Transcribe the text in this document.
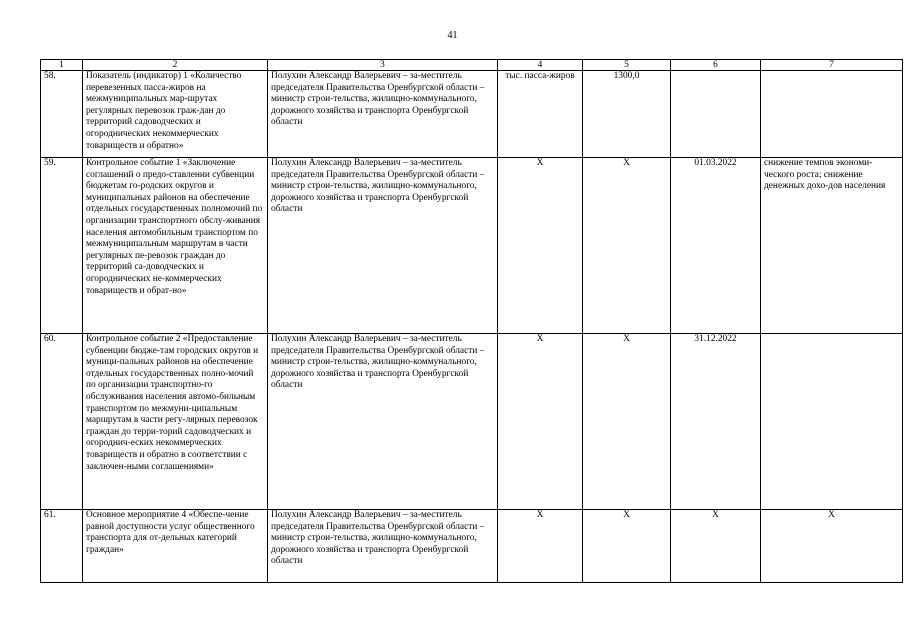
41
1	2	3	4	5	6	7
58.	Показатель (индикатор) 1 «Количество перевезенных пасса-жиров на межмуниципальных мар-шрутах регулярных перевозок граж-дан до территорий садоводческих и огороднических некоммерческих товариществ и обратно»	Полухин Александр Валерьевич – за-меститель председателя Правительства Оренбургской области – министр строи-тельства, жилищно-коммунального, дорожного хозяйства и транспорта Оренбургской области	тыс. пасса-жиров	1300,0		
59.	Контрольное событие 1 «Заключение соглашений о предо-ставлении субвенции бюджетам го-родских округов и муниципальных районов на обеспечение отдельных государственных полномочий по организации транспортного обслу-живания населения автомобильным транспортом по межмуниципальным маршрутам в части регулярных пе-ревозок граждан до территорий са-доводческих и огороднических не-коммерческих товариществ и обрат-но»	Полухин Александр Валерьевич – за-меститель председателя Правительства Оренбургской области – министр строи-тельства, жилищно-коммунального, дорожного хозяйства и транспорта Оренбургской области	Х	Х	01.03.2022	снижение темпов экономи-ческого роста; снижение денежных дохо-дов населения
60.	Контрольное событие 2 «Предоставление субвенции бюдже-там городских округов и муници-пальных районов на обеспечение отдельных государственных полно-мочий по организации транспортно-го обслуживания населения автомо-бильным транспортом по межмуни-ципальным маршрутам в части регу-лярных перевозок граждан до терри-торий садоводческих и огороднич-еских некоммерческих товариществ и обратно в соответствии с заключен-ными соглашениями»	Полухин Александр Валерьевич – за-меститель председателя Правительства Оренбургской области – министр строи-тельства, жилищно-коммунального, дорожного хозяйства и транспорта Оренбургской области	Х	Х	31.12.2022	
61.	Основное мероприятие 4 «Обеспе-чение равной доступности услуг общественного транспорта для от-дельных категорий граждан»	Полухин Александр Валерьевич – за-меститель председателя Правительства Оренбургской области – министр строи-тельства, жилищно-коммунального, дорожного хозяйства и транспорта Оренбургской области	Х	Х	Х	Х
